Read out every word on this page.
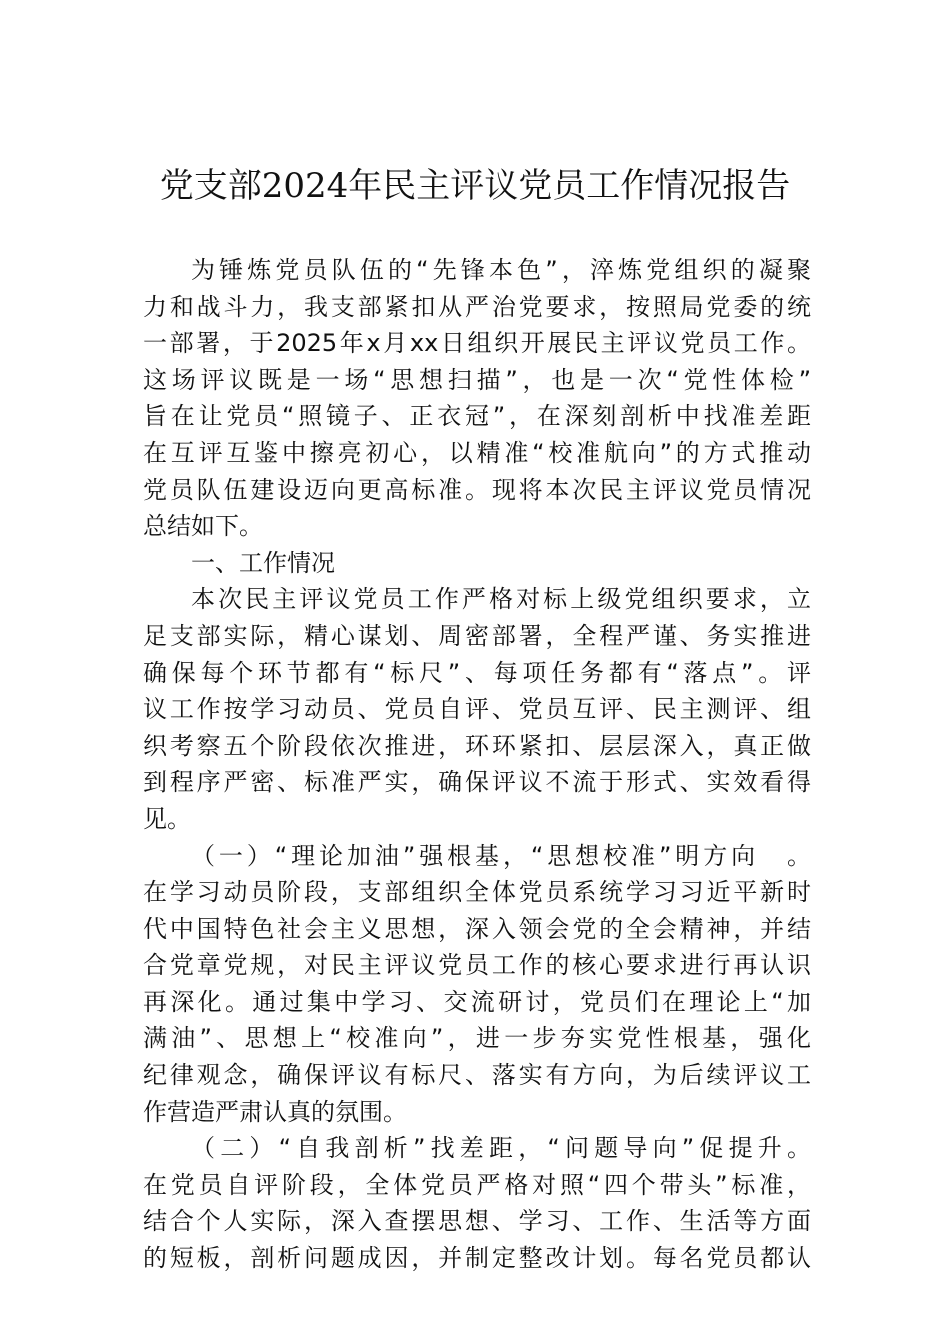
党支部2024年民主评议党员工作情况报告
为锤炼党员队伍的“先锋本色”，淬炼党组织的凝聚
力和战斗力，我支部紧扣从严治党要求，按照局党委的统
一部署，于2025年x月xx日组织开展民主评议党员工作。
这场评议既是一场“思想扫描”，也是一次“党性体检”
旨在让党员“照镜子、正衣冠”，在深刻剖析中找准差距
在互评互鉴中擦亮初心，以精准“校准航向”的方式推动
党员队伍建设迈向更高标准。现将本次民主评议党员情况
总结如下。
一、工作情况
本次民主评议党员工作严格对标上级党组织要求，立
足支部实际，精心谋划、周密部署，全程严谨、务实推进
确保每个环节都有“标尺”、每项任务都有“落点”。评
议工作按学习动员、党员自评、党员互评、民主测评、组
织考察五个阶段依次推进，环环紧扣、层层深入，真正做
到程序严密、标准严实，确保评议不流于形式、实效看得
见。
（一）“理论加油”强根基，“思想校准”明方向　。
在学习动员阶段，支部组织全体党员系统学习习近平新时
代中国特色社会主义思想，深入领会党的全会精神，并结
合党章党规，对民主评议党员工作的核心要求进行再认识
再深化。通过集中学习、交流研讨，党员们在理论上“加
满油”、思想上“校准向”，进一步夯实党性根基，强化
纪律观念，确保评议有标尺、落实有方向，为后续评议工
作营造严肃认真的氛围。
（二）“自我剖析”找差距，“问题导向”促提升。
在党员自评阶段，全体党员严格对照“四个带头”标准，
结合个人实际，深入查摆思想、学习、工作、生活等方面
的短板，剖析问题成因，并制定整改计划。每名党员都认
